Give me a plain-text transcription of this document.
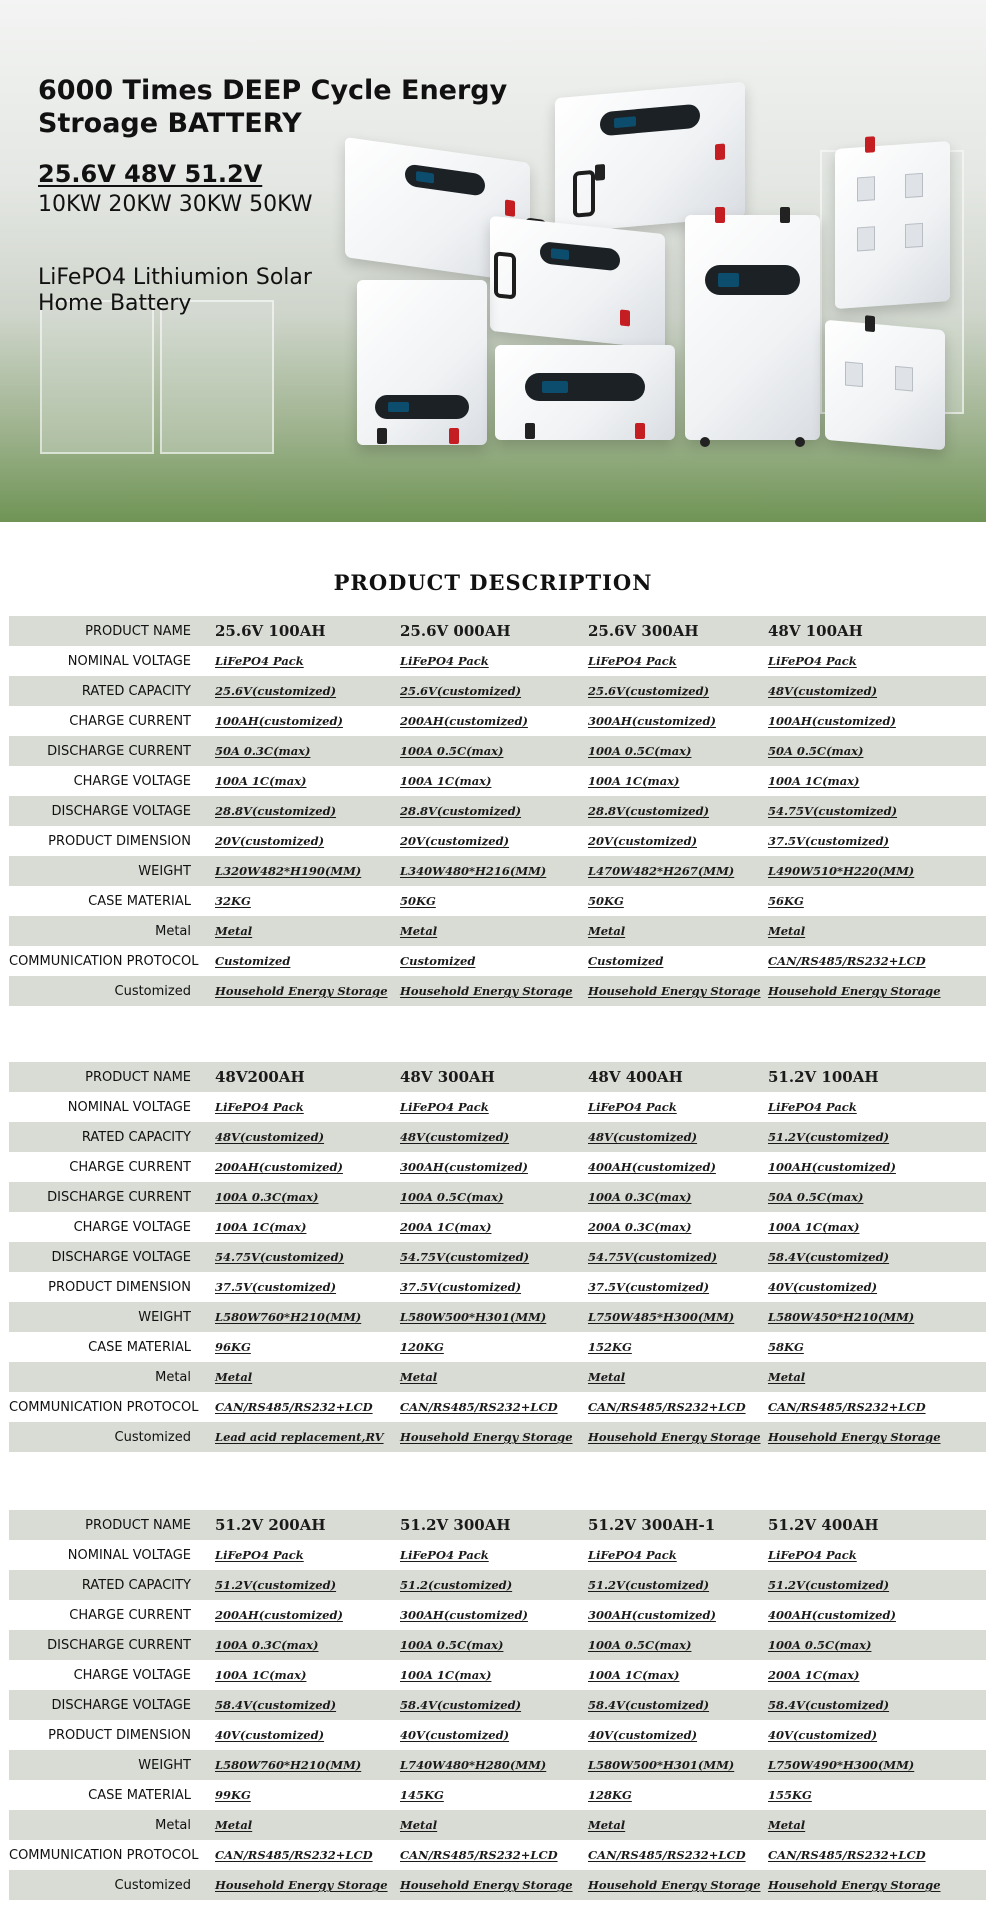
6000 Times DEEP Cycle Energy Stroage BATTERY
25.6V 48V 51.2V
10KW 20KW 30KW 50KW
LiFePO4 Lithiumion Solar Home Battery
PRODUCT DESCRIPTION
PRODUCT NAME	25.6V 100AH	25.6V 000AH	25.6V 300AH	48V 100AH
NOMINAL VOLTAGE	LiFePO4 Pack	LiFePO4 Pack	LiFePO4 Pack	LiFePO4 Pack
RATED CAPACITY	25.6V(customized)	25.6V(customized)	25.6V(customized)	48V(customized)
CHARGE CURRENT	100AH(customized)	200AH(customized)	300AH(customized)	100AH(customized)
DISCHARGE CURRENT	50A 0.3C(max)	100A 0.5C(max)	100A 0.5C(max)	50A 0.5C(max)
CHARGE VOLTAGE	100A 1C(max)	100A 1C(max)	100A 1C(max)	100A 1C(max)
DISCHARGE VOLTAGE	28.8V(customized)	28.8V(customized)	28.8V(customized)	54.75V(customized)
PRODUCT DIMENSION	20V(customized)	20V(customized)	20V(customized)	37.5V(customized)
WEIGHT	L320W482*H190(MM)	L340W480*H216(MM)	L470W482*H267(MM)	L490W510*H220(MM)
CASE MATERIAL	32KG	50KG	50KG	56KG
Metal	Metal	Metal	Metal	Metal
COMMUNICATION PROTOCOL	Customized	Customized	Customized	CAN/RS485/RS232+LCD
Customized	Household Energy Storage	Household Energy Storage	Household Energy Storage	Household Energy Storage
PRODUCT NAME	48V200AH	48V 300AH	48V 400AH	51.2V 100AH
NOMINAL VOLTAGE	LiFePO4 Pack	LiFePO4 Pack	LiFePO4 Pack	LiFePO4 Pack
RATED CAPACITY	48V(customized)	48V(customized)	48V(customized)	51.2V(customized)
CHARGE CURRENT	200AH(customized)	300AH(customized)	400AH(customized)	100AH(customized)
DISCHARGE CURRENT	100A 0.3C(max)	100A 0.5C(max)	100A 0.3C(max)	50A 0.5C(max)
CHARGE VOLTAGE	100A 1C(max)	200A 1C(max)	200A 0.3C(max)	100A 1C(max)
DISCHARGE VOLTAGE	54.75V(customized)	54.75V(customized)	54.75V(customized)	58.4V(customized)
PRODUCT DIMENSION	37.5V(customized)	37.5V(customized)	37.5V(customized)	40V(customized)
WEIGHT	L580W760*H210(MM)	L580W500*H301(MM)	L750W485*H300(MM)	L580W450*H210(MM)
CASE MATERIAL	96KG	120KG	152KG	58KG
Metal	Metal	Metal	Metal	Metal
COMMUNICATION PROTOCOL	CAN/RS485/RS232+LCD	CAN/RS485/RS232+LCD	CAN/RS485/RS232+LCD	CAN/RS485/RS232+LCD
Customized	Lead acid replacement,RV	Household Energy Storage	Household Energy Storage	Household Energy Storage
PRODUCT NAME	51.2V 200AH	51.2V 300AH	51.2V 300AH-1	51.2V 400AH
NOMINAL VOLTAGE	LiFePO4 Pack	LiFePO4 Pack	LiFePO4 Pack	LiFePO4 Pack
RATED CAPACITY	51.2V(customized)	51.2(customized)	51.2V(customized)	51.2V(customized)
CHARGE CURRENT	200AH(customized)	300AH(customized)	300AH(customized)	400AH(customized)
DISCHARGE CURRENT	100A 0.3C(max)	100A 0.5C(max)	100A 0.5C(max)	100A 0.5C(max)
CHARGE VOLTAGE	100A 1C(max)	100A 1C(max)	100A 1C(max)	200A 1C(max)
DISCHARGE VOLTAGE	58.4V(customized)	58.4V(customized)	58.4V(customized)	58.4V(customized)
PRODUCT DIMENSION	40V(customized)	40V(customized)	40V(customized)	40V(customized)
WEIGHT	L580W760*H210(MM)	L740W480*H280(MM)	L580W500*H301(MM)	L750W490*H300(MM)
CASE MATERIAL	99KG	145KG	128KG	155KG
Metal	Metal	Metal	Metal	Metal
COMMUNICATION PROTOCOL	CAN/RS485/RS232+LCD	CAN/RS485/RS232+LCD	CAN/RS485/RS232+LCD	CAN/RS485/RS232+LCD
Customized	Household Energy Storage	Household Energy Storage	Household Energy Storage	Household Energy Storage
